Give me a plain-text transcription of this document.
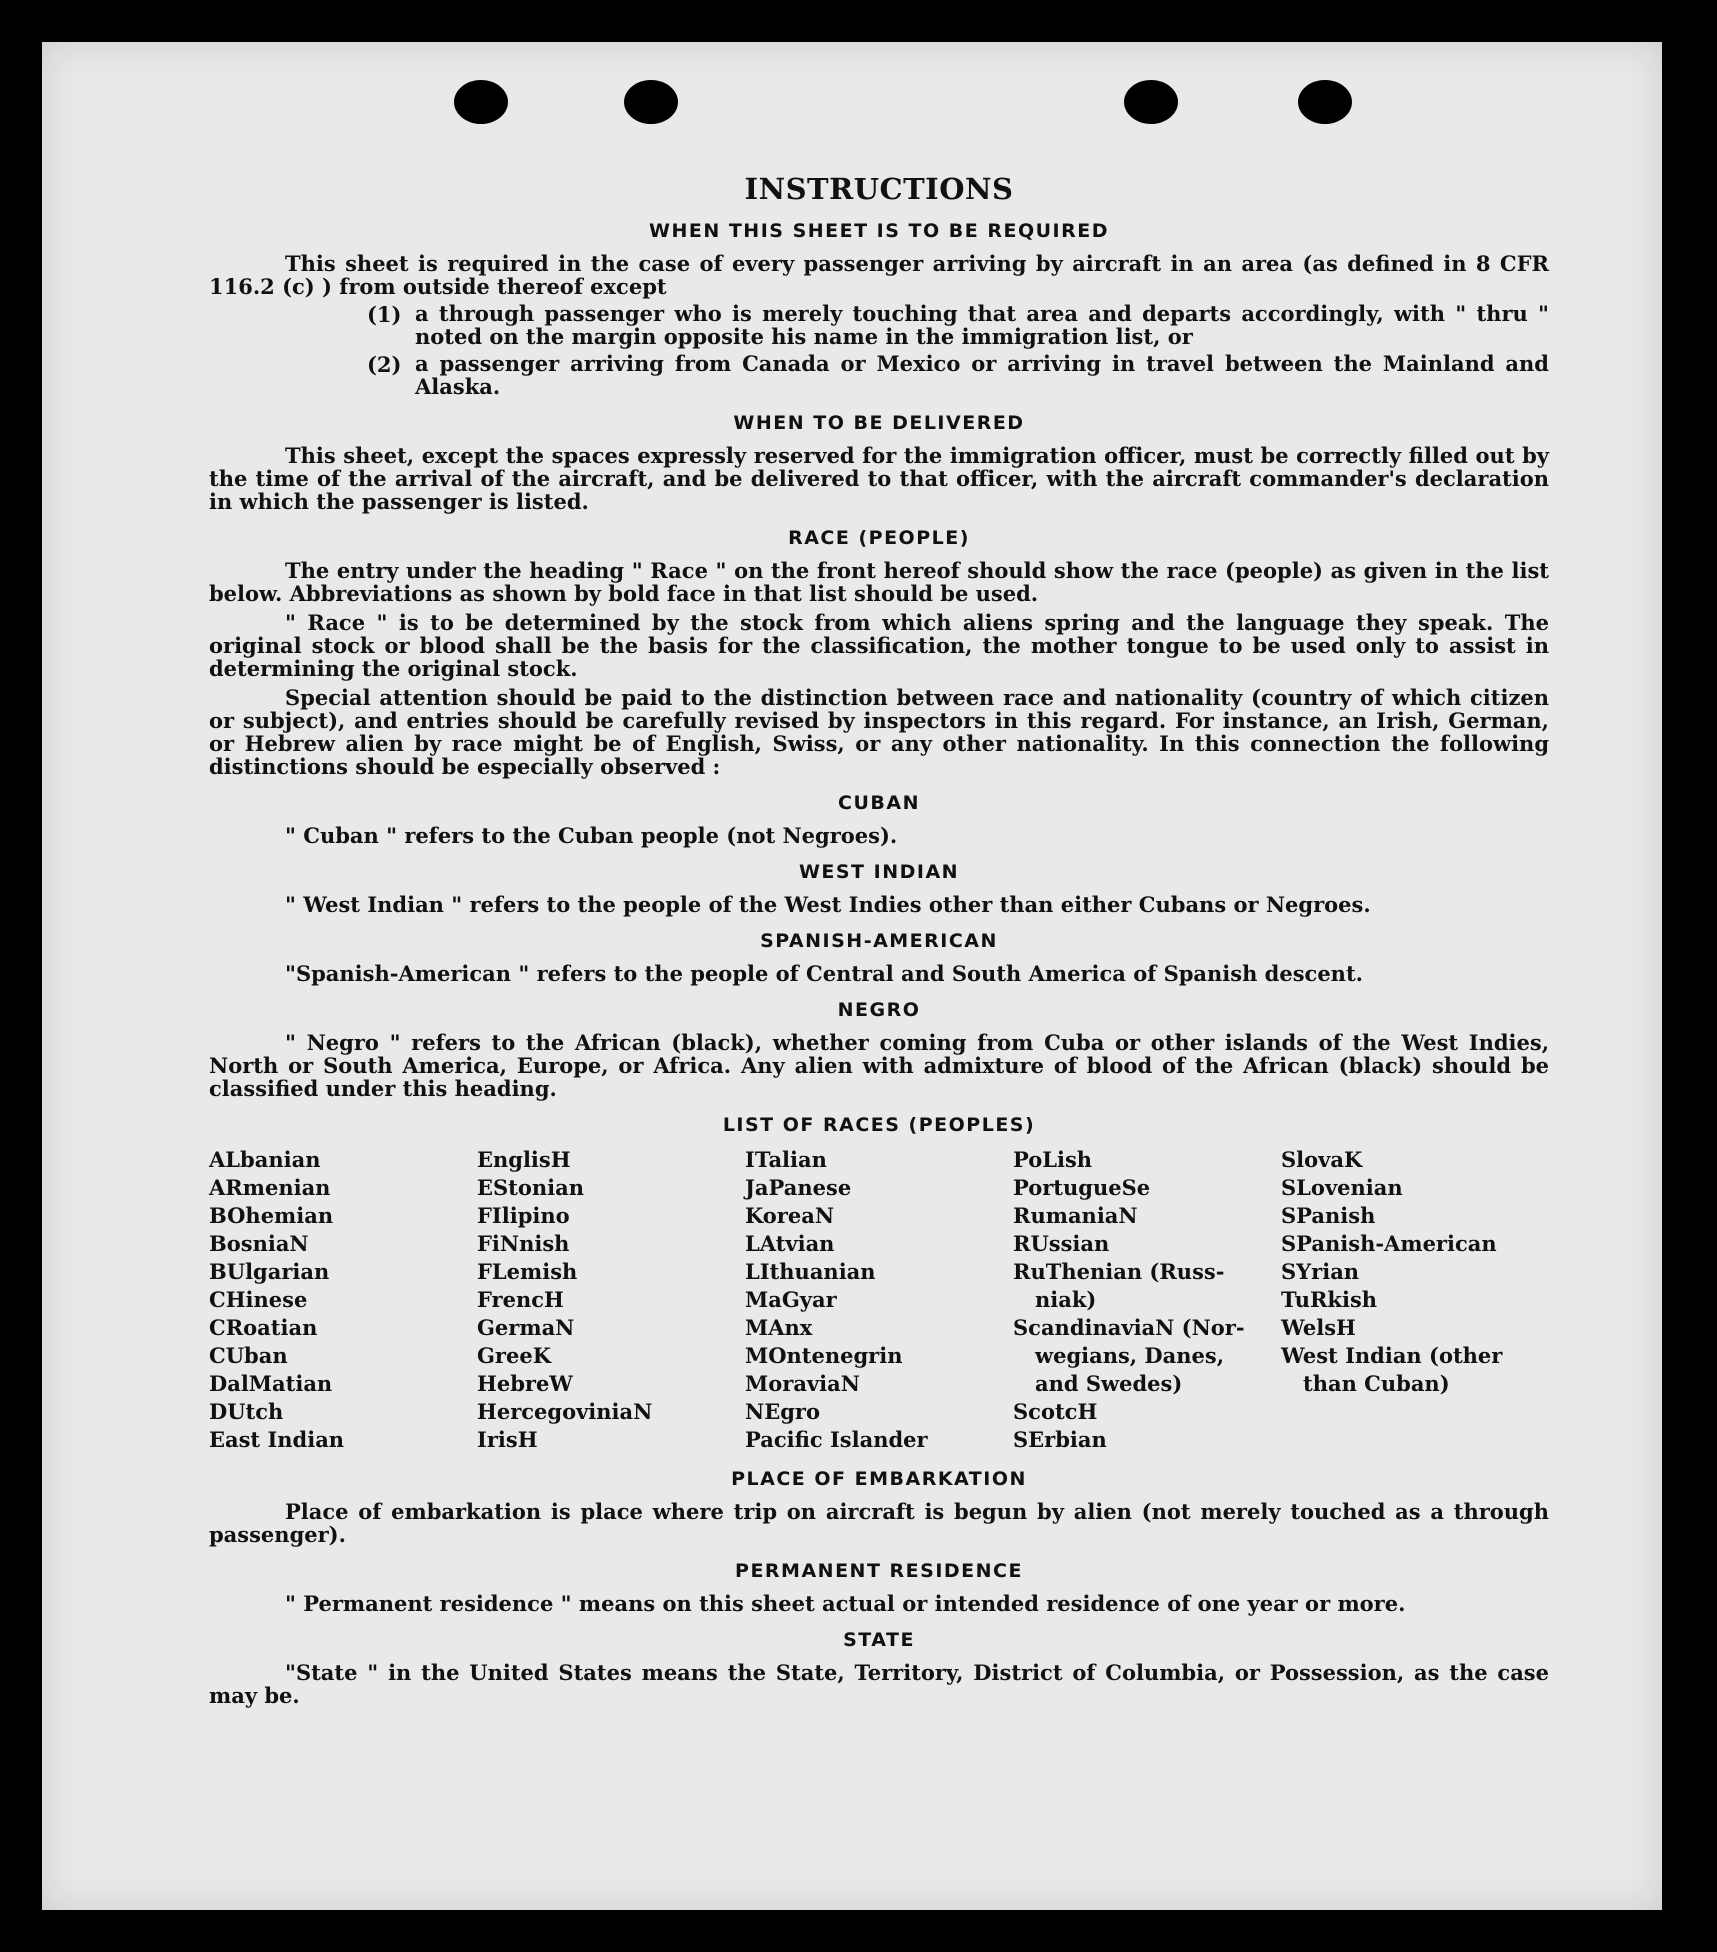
INSTRUCTIONS
WHEN THIS SHEET IS TO BE REQUIRED

This sheet is required in the case of every passenger arriving by aircraft in an area (as defined in 8 CFR 116.2 (c) ) from outside thereof except

(1) a through passenger who is merely touching that area and departs accordingly, with " thru " noted on the margin opposite his name in the immigration list, or
(2) a passenger arriving from Canada or Mexico or arriving in travel between the Mainland and Alaska.
WHEN TO BE DELIVERED

This sheet, except the spaces expressly reserved for the immigration officer, must be correctly filled out by the time of the arrival of the aircraft, and be delivered to that officer, with the aircraft commander's declaration in which the passenger is listed.

RACE (PEOPLE)

The entry under the heading " Race " on the front hereof should show the race (people) as given in the list below. Abbreviations as shown by bold face in that list should be used.

" Race " is to be determined by the stock from which aliens spring and the language they speak. The original stock or blood shall be the basis for the classification, the mother tongue to be used only to assist in determining the original stock.

Special attention should be paid to the distinction between race and nationality (country of which citizen or subject), and entries should be carefully revised by inspectors in this regard. For instance, an Irish, German, or Hebrew alien by race might be of English, Swiss, or any other nationality. In this connection the following distinctions should be especially observed :

CUBAN

" Cuban " refers to the Cuban people (not Negroes).

WEST INDIAN

" West Indian " refers to the people of the West Indies other than either Cubans or Negroes.

SPANISH-AMERICAN

"Spanish-American " refers to the people of Central and South America of Spanish descent.

NEGRO

" Negro " refers to the African (black), whether coming from Cuba or other islands of the West Indies, North or South America, Europe, or Africa. Any alien with admixture of blood of the African (black) should be classified under this heading.

LIST OF RACES (PEOPLES)
ALbanian
ARmenian
BOhemian
BosniaN
BUlgarian
CHinese
CRoatian
CUban
DalMatian
DUtch
East Indian
EnglisH
EStonian
FIlipino
FiNnish
FLemish
FrencH
GermaN
GreeK
HebreW
HercegoviniaN
IrisH
ITalian
JaPanese
KoreaN
LAtvian
LIthuanian
MaGyar
MAnx
MOntenegrin
MoraviaN
NEgro
Pacific Islander
PoLish
PortugueSe
RumaniaN
RUssian
RuThenian (Russ-
niak)
ScandinaviaN (Nor-
wegians, Danes,
and Swedes)
ScotcH
SErbian
SlovaK
SLovenian
SPanish
SPanish-American
SYrian
TuRkish
WelsH
West Indian (other
than Cuban)
PLACE OF EMBARKATION

Place of embarkation is place where trip on aircraft is begun by alien (not merely touched as a through passenger).

PERMANENT RESIDENCE

" Permanent residence " means on this sheet actual or intended residence of one year or more.

STATE

"State " in the United States means the State, Territory, District of Columbia, or Possession, as the case may be.
